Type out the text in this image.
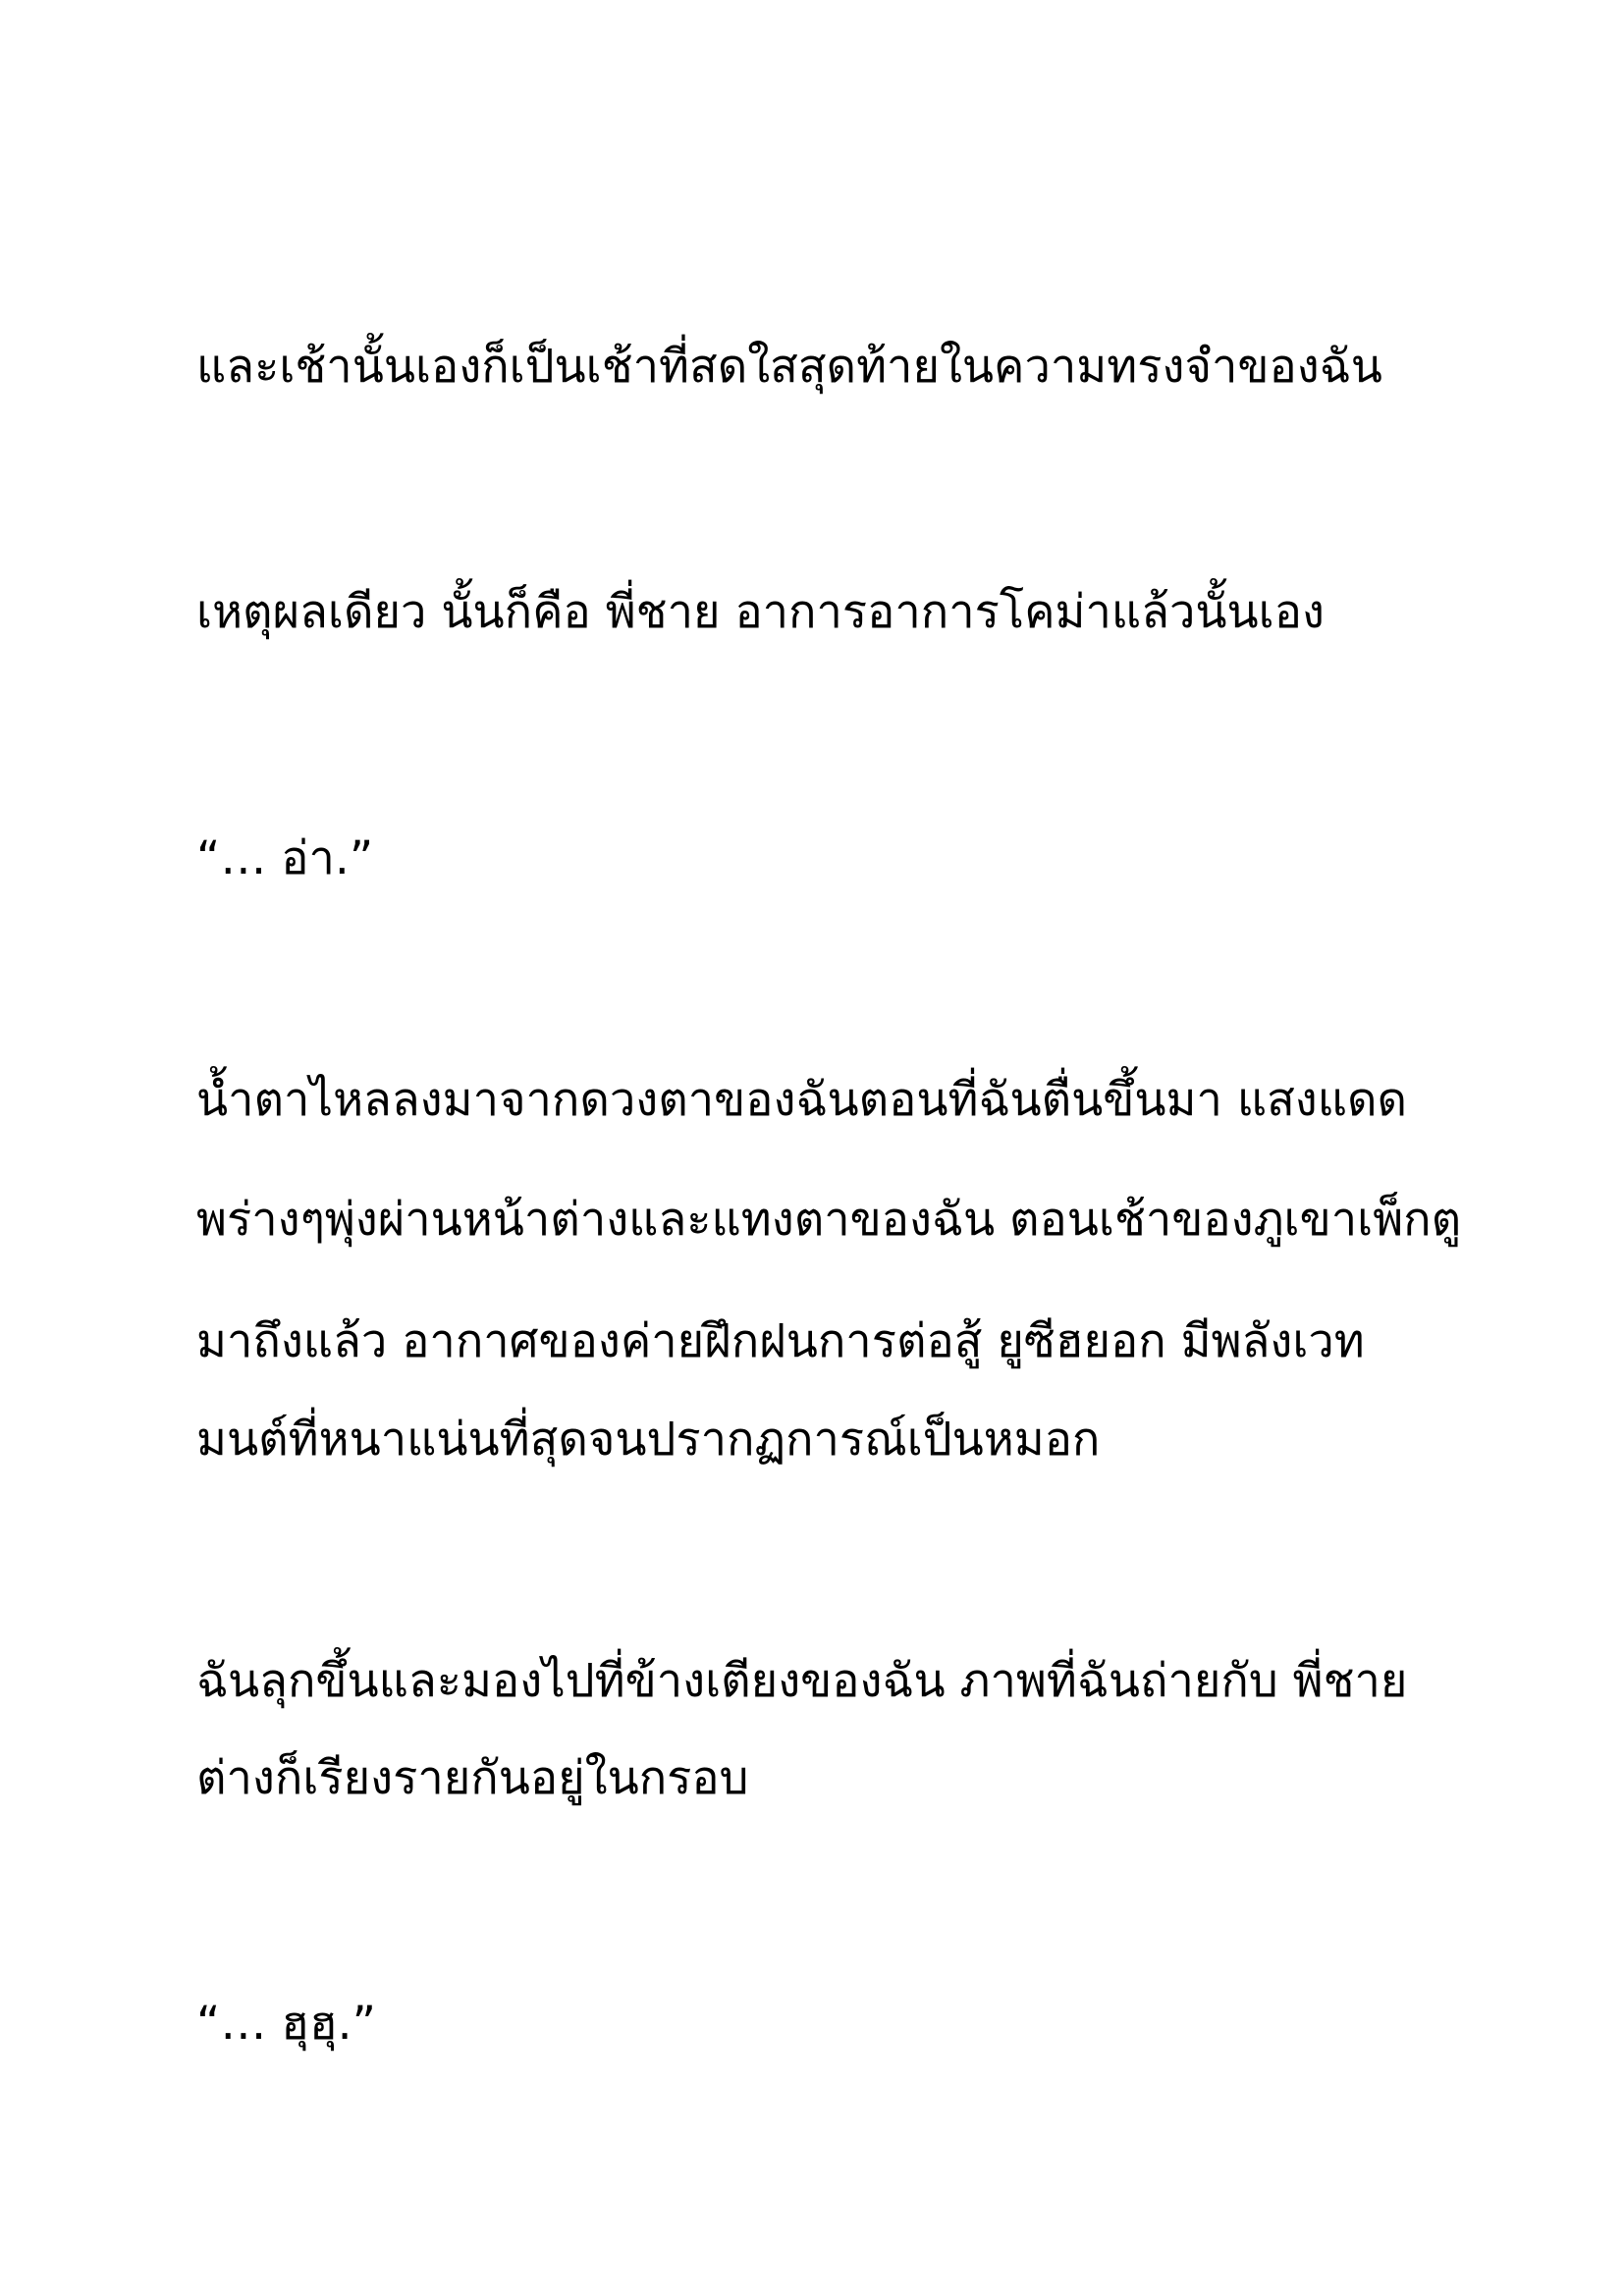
และเช้านั้นเองก็เป็นเช้าที่สดใสสุดท้ายในความทรงจำของฉัน
เหตุผลเดียว นั้นก็คือ พี่ชาย อาการอาการโคม่าแล้วนั้นเอง
“… อ่า.”
น้ำตาไหลลงมาจากดวงตาของฉันตอนที่ฉันตื่นขึ้นมา แสงแดด
พร่างๆพุ่งผ่านหน้าต่างและแทงตาของฉัน ตอนเช้าของภูเขาเพ็กตู
มาถึงแล้ว อากาศของค่ายฝึกฝนการต่อสู้ ยูซีฮยอก มีพลังเวท
มนต์ที่หนาแน่นที่สุดจนปรากฏการณ์เป็นหมอก
ฉันลุกขึ้นและมองไปที่ข้างเตียงของฉัน ภาพที่ฉันถ่ายกับ พี่ชาย
ต่างก็เรียงรายกันอยู่ในกรอบ
“… ฮุฮุ.”
